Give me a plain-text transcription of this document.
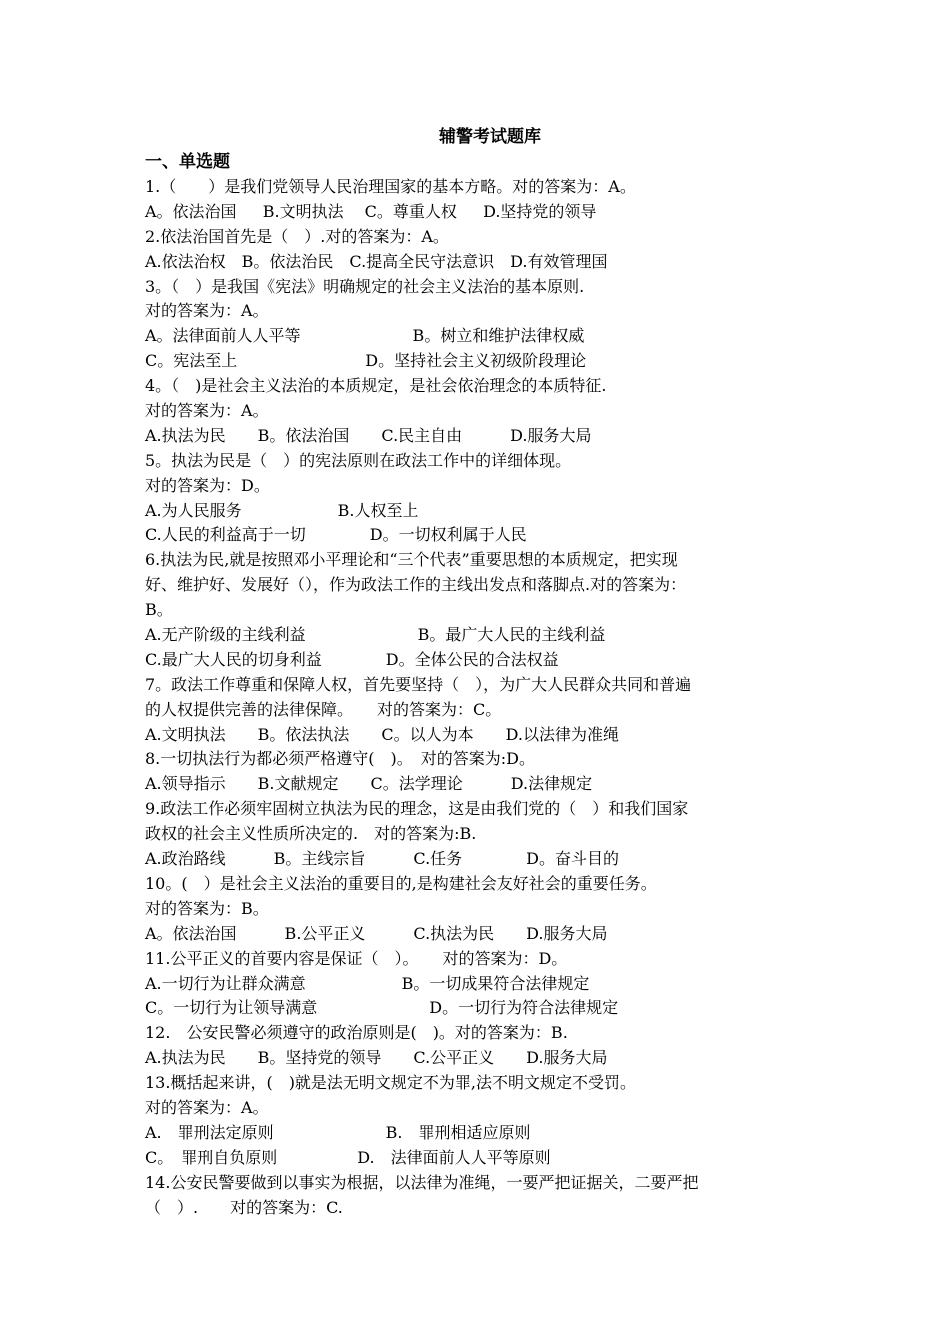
辅警考试题库

一、单选题

1.（　　）是我们党领导人民治理国家的基本方略。对的答案为：A。

A。依法治国　  B.文明执法　 C。尊重人权　  D.坚持党的领导

2.依法治国首先是（　）.对的答案为：A。

A.依法治权　B。依法治民　C.提高全民守法意识　D.有效管理国

3。（　）是我国《宪法》明确规定的社会主义法治的基本原则.

对的答案为：A。

A。法律面前人人平等　　　　　　　B。树立和维护法律权威

C。宪法至上　　　　　　　　D。坚持社会主义初级阶段理论

4。（　)是社会主义法治的本质规定，是社会依治理念的本质特征.

对的答案为：A。

A.执法为民　　B。依法治国　　C.民主自由　　　D.服务大局

5。执法为民是（　）的宪法原则在政法工作中的详细体现。

对的答案为：D。

A.为人民服务　　　　　　B.人权至上

C.人民的利益高于一切　　　　D。一切权利属于人民

6.执法为民,就是按照邓小平理论和“三个代表”重要思想的本质规定，把实现

好、维护好、发展好（），作为政法工作的主线出发点和落脚点.对的答案为：

B。

A.无产阶级的主线利益　　　　　　　B。最广大人民的主线利益

C.最广大人民的切身利益　　　　D。全体公民的合法权益

7。政法工作尊重和保障人权，首先要坚持（　），为广大人民群众共同和普遍

的人权提供完善的法律保障。　　对的答案为：C。

A.文明执法　　B。依法执法　　C。以人为本　　D.以法律为准绳

8.一切执法行为都必须严格遵守(　)。　对的答案为:D。

A.领导指示　　B.文献规定　　C。法学理论　　　D.法律规定

9.政法工作必须牢固树立执法为民的理念，这是由我们党的（　）和我们国家

政权的社会主义性质所决定的.　对的答案为:B.

A.政治路线　　　B。主线宗旨　　　C.任务　　　　D。奋斗目的

10。(　）是社会主义法治的重要目的,是构建社会友好社会的重要任务。

对的答案为：B。

A。依法治国　　　B.公平正义　　　C.执法为民　　D.服务大局

11.公平正义的首要内容是保证（　）。　　对的答案为：D。

A.一切行为让群众满意　　　　　　B。一切成果符合法律规定

C。一切行为让领导满意　　　　　　　D。一切行为符合法律规定

12.　公安民警必须遵守的政治原则是(　)。对的答案为：B.

A.执法为民　　B。坚持党的领导　　C.公平正义　　D.服务大局

13.概括起来讲，(　)就是法无明文规定不为罪,法不明文规定不受罚。

对的答案为：A。

A.　罪刑法定原则　　　　　　　B.　罪刑相适应原则

C。　罪刑自负原则　　　　　D.　法律面前人人平等原则

14.公安民警要做到以事实为根据，以法律为准绳，一要严把证据关，二要严把

（　）.　　对的答案为：C.
